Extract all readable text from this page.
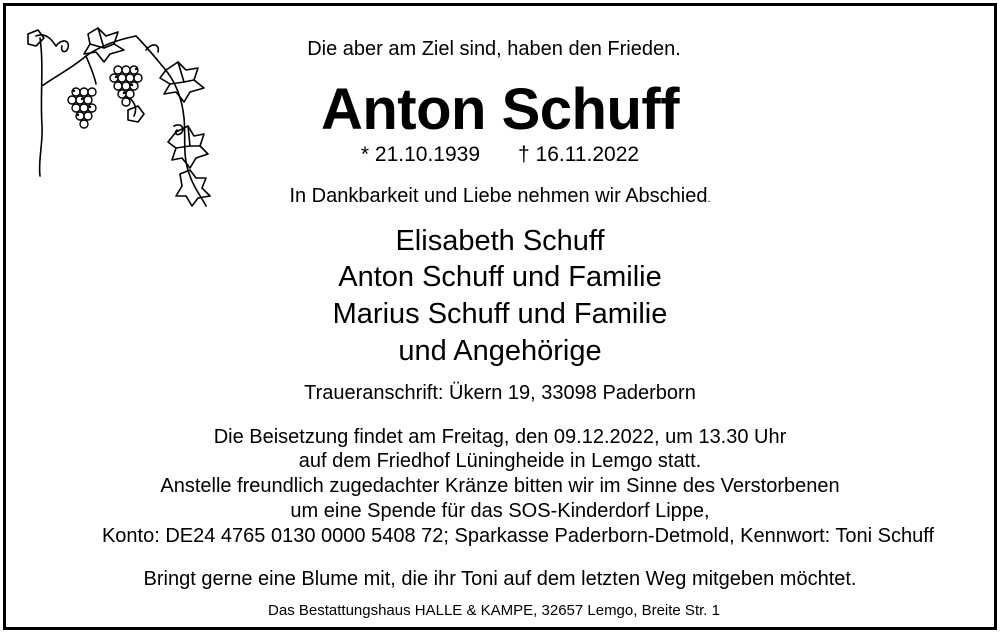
Die aber am Ziel sind, haben den Frieden.
Anton Schuff
* 21.10.1939 † 16.11.2022
In Dankbarkeit und Liebe nehmen wir Abschied.
Elisabeth Schuff
Anton Schuff und Familie
Marius Schuff und Familie
und Angehörige
Traueranschrift: Ükern 19, 33098 Paderborn
Die Beisetzung findet am Freitag, den 09.12.2022, um 13.30 Uhr
auf dem Friedhof Lüningheide in Lemgo statt.
Anstelle freundlich zugedachter Kränze bitten wir im Sinne des Verstorbenen
um eine Spende für das SOS-Kinderdorf Lippe,
Konto: DE24 4765 0130 0000 5408 72; Sparkasse Paderborn-Detmold, Kennwort: Toni Schuff
Bringt gerne eine Blume mit, die ihr Toni auf dem letzten Weg mitgeben möchtet.
Das Bestattungshaus HALLE & KAMPE, 32657 Lemgo, Breite Str. 1
